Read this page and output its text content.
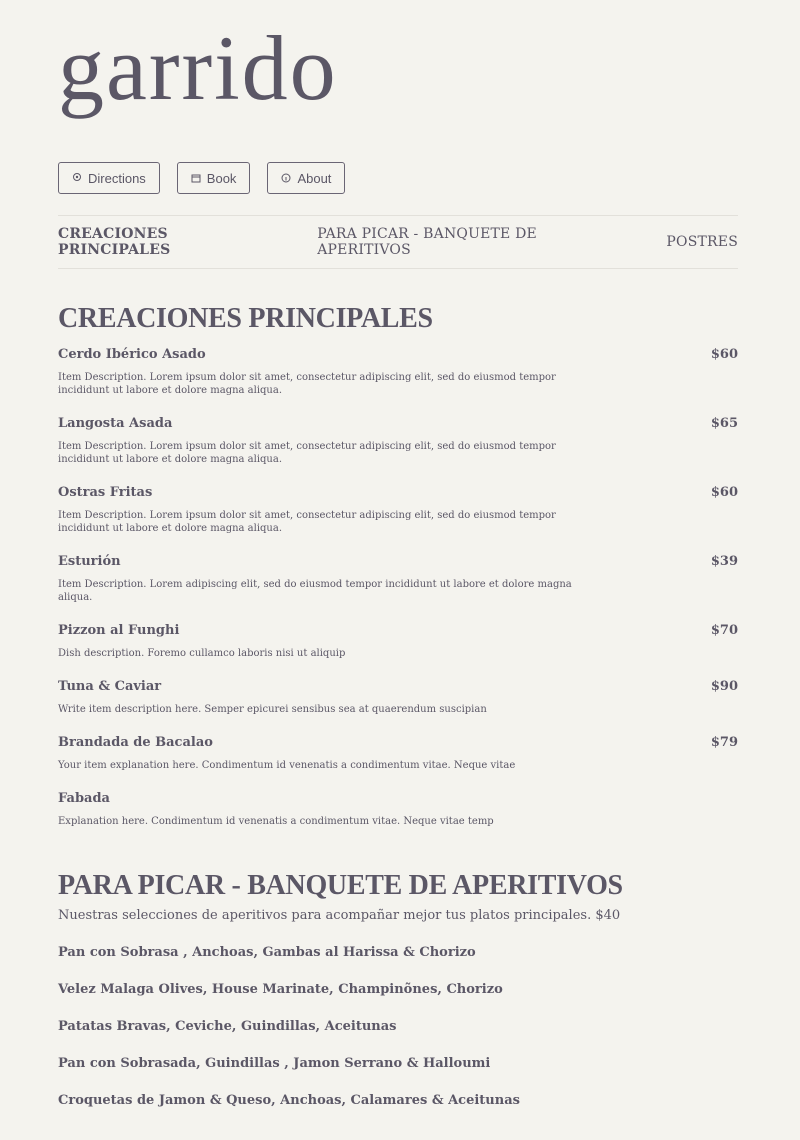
garrido
Directions	Book	About
CREACIONES PRINCIPALES
PARA PICAR - BANQUETE DE APERITIVOS	POSTRES
CREACIONES PRINCIPALES
Cerdo Ibérico Asado	$60
Item Description. Lorem ipsum dolor sit amet, consectetur adipiscing elit, sed do eiusmod tempor incididunt ut labore et dolore magna aliqua.
Langosta Asada	$65
Item Description. Lorem ipsum dolor sit amet, consectetur adipiscing elit, sed do eiusmod tempor incididunt ut labore et dolore magna aliqua.
Ostras Fritas	$60
Item Description. Lorem ipsum dolor sit amet, consectetur adipiscing elit, sed do eiusmod tempor incididunt ut labore et dolore magna aliqua.
Esturión	$39
Item Description. Lorem adipiscing elit, sed do eiusmod tempor incididunt ut labore et dolore magna aliqua.
Pizzon al Funghi	$70
Dish description. Foremo cullamco laboris nisi ut aliquip
Tuna & Caviar	$90
Write item description here. Semper epicurei sensibus sea at quaerendum suscipian
Brandada de Bacalao	$79
Your item explanation here. Condimentum id venenatis a condimentum vitae. Neque vitae
Fabada
Explanation here. Condimentum id venenatis a condimentum vitae. Neque vitae temp
PARA PICAR - BANQUETE DE APERITIVOS
Nuestras selecciones de aperitivos para acompañar mejor tus platos principales. $40
Pan con Sobrasa , Anchoas, Gambas al Harissa & Chorizo
Velez Malaga Olives, House Marinate, Champinõnes, Chorizo
Patatas Bravas, Ceviche, Guindillas, Aceitunas
Pan con Sobrasada, Guindillas , Jamon Serrano & Halloumi
Croquetas de Jamon & Queso, Anchoas, Calamares & Aceitunas
